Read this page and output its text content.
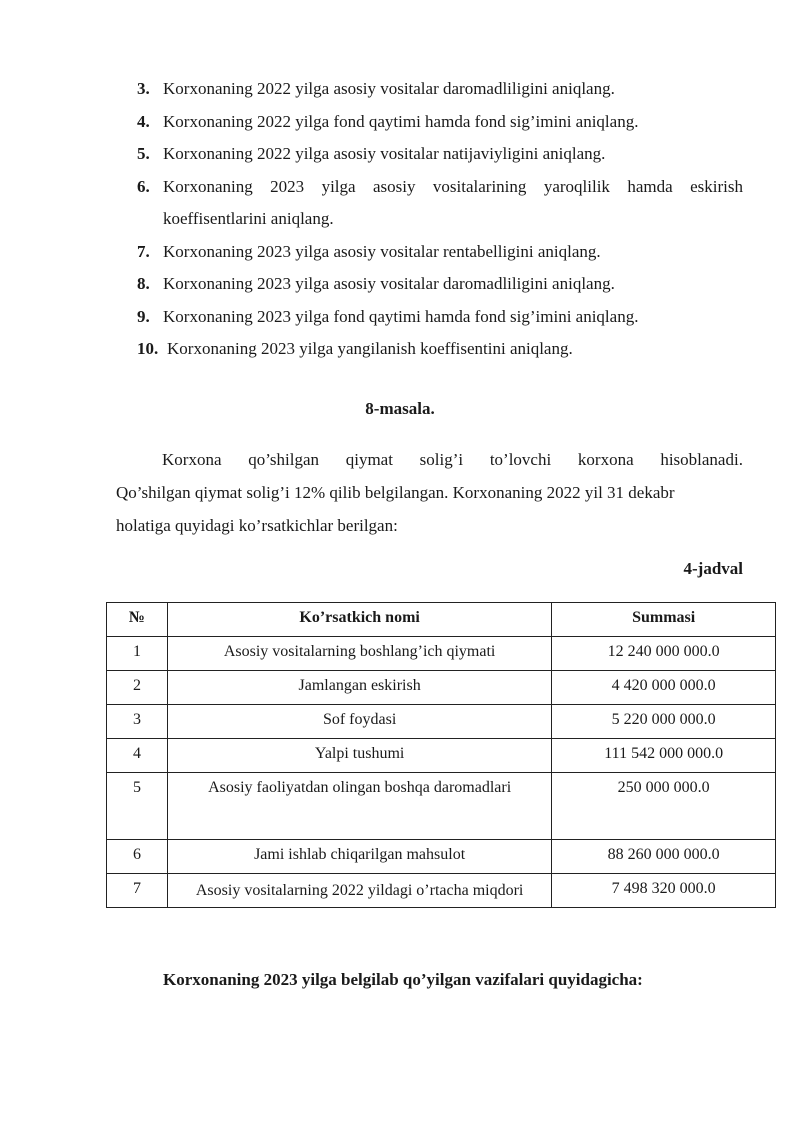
3. Korxonaning 2022 yilga asosiy vositalar daromadliligini aniqlang.
4. Korxonaning 2022 yilga fond qaytimi hamda fond sig’imini aniqlang.
5. Korxonaning 2022 yilga asosiy vositalar natijaviyligini aniqlang.
6. Korxonaning 2023 yilga asosiy vositalarining yaroqlilik hamda eskirish
koeffisentlarini aniqlang.
7. Korxonaning 2023 yilga asosiy vositalar rentabelligini aniqlang.
8. Korxonaning 2023 yilga asosiy vositalar daromadliligini aniqlang.
9. Korxonaning 2023 yilga fond qaytimi hamda fond sig’imini aniqlang.
10. Korxonaning 2023 yilga yangilanish koeffisentini aniqlang.
8-masala.
Korxona qo’shilgan qiymat solig’i to’lovchi korxona hisoblanadi.
Qo’shilgan qiymat solig’i 12% qilib belgilangan. Korxonaning 2022 yil 31 dekabr
holatiga quyidagi ko’rsatkichlar berilgan:
4-jadval
№	Ko’rsatkich nomi	Summasi
1	Asosiy vositalarning boshlang’ich qiymati	12 240 000 000.0
2	Jamlangan eskirish	4 420 000 000.0
3	Sof foydasi	5 220 000 000.0
4	Yalpi tushumi	111 542 000 000.0
5	Asosiy faoliyatdan olingan boshqa daromadlari	250 000 000.0
6	Jami ishlab chiqarilgan mahsulot	88 260 000 000.0
7	Asosiy vositalarning 2022 yildagi o’rtacha miqdori	7 498 320 000.0
Korxonaning 2023 yilga belgilab qo’yilgan vazifalari quyidagicha:
